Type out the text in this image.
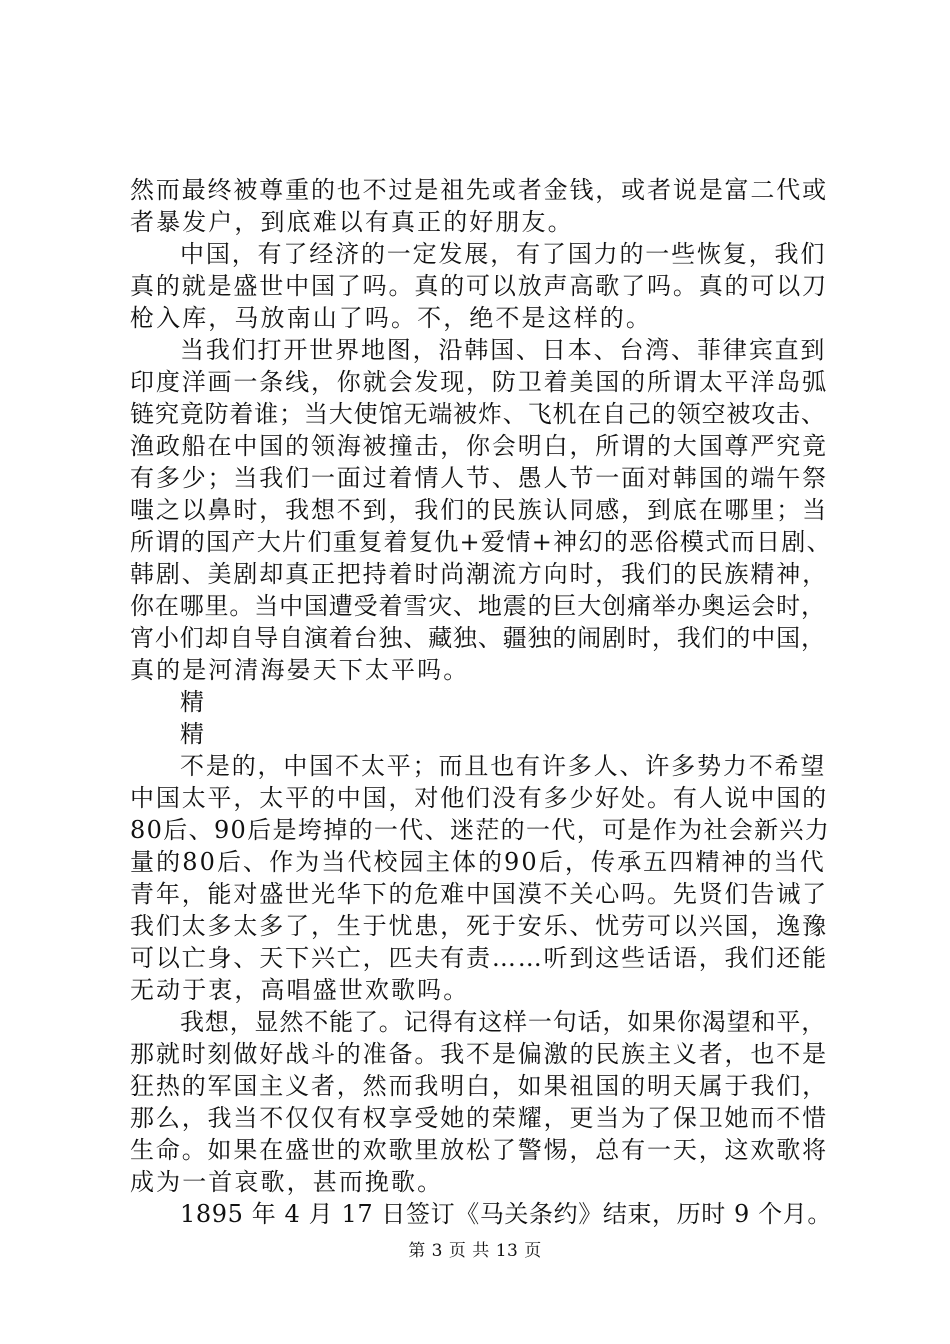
然而最终被尊重的也不过是祖先或者金钱，或者说是富二代或
者暴发户，到底难以有真正的好朋友。
中国，有了经济的一定发展，有了国力的一些恢复，我们
真的就是盛世中国了吗。真的可以放声高歌了吗。真的可以刀
枪入库，马放南山了吗。不，绝不是这样的。
当我们打开世界地图，沿韩国、日本、台湾、菲律宾直到
印度洋画一条线，你就会发现，防卫着美国的所谓太平洋岛弧
链究竟防着谁；当大使馆无端被炸、飞机在自己的领空被攻击、
渔政船在中国的领海被撞击，你会明白，所谓的大国尊严究竟
有多少；当我们一面过着情人节、愚人节一面对韩国的端午祭
嗤之以鼻时，我想不到，我们的民族认同感，到底在哪里；当
所谓的国产大片们重复着复仇+爱情+神幻的恶俗模式而日剧、
韩剧、美剧却真正把持着时尚潮流方向时，我们的民族精神，
你在哪里。当中国遭受着雪灾、地震的巨大创痛举办奥运会时，
宵小们却自导自演着台独、藏独、疆独的闹剧时，我们的中国，
真的是河清海晏天下太平吗。
精
精
不是的，中国不太平；而且也有许多人、许多势力不希望
中国太平，太平的中国，对他们没有多少好处。有人说中国的
80后、90后是垮掉的一代、迷茫的一代，可是作为社会新兴力
量的80后、作为当代校园主体的90后，传承五四精神的当代
青年，能对盛世光华下的危难中国漠不关心吗。先贤们告诫了
我们太多太多了，生于忧患，死于安乐、忧劳可以兴国，逸豫
可以亡身、天下兴亡，匹夫有责……听到这些话语，我们还能
无动于衷，高唱盛世欢歌吗。
我想，显然不能了。记得有这样一句话，如果你渴望和平，
那就时刻做好战斗的准备。我不是偏激的民族主义者，也不是
狂热的军国主义者，然而我明白，如果祖国的明天属于我们，
那么，我当不仅仅有权享受她的荣耀，更当为了保卫她而不惜
生命。如果在盛世的欢歌里放松了警惕，总有一天，这欢歌将
成为一首哀歌，甚而挽歌。
1895 年 4 月 17 日签订《马关条约》结束，历时 9 个月。
第 3 页 共 13 页
